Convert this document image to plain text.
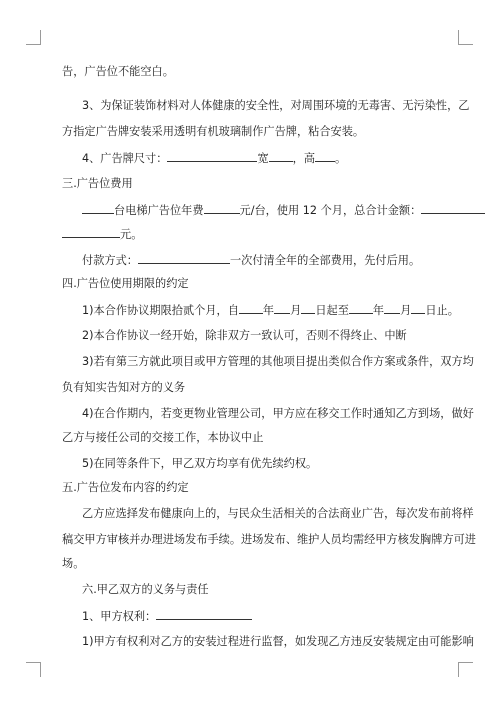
告，广告位不能空白。
3、为保证装饰材料对人体健康的安全性，对周围环境的无毒害、无污染性，乙
方指定广告牌安装采用透明有机玻璃制作广告牌，粘合安装。
4、广告牌尺寸：	宽 ，高 。
三.广告位费用
台电梯广告位年费	元/台，使用 12 个月，总合计金额：
元。
付款方式：	一次付清全年的全部费用，先付后用。
四.广告位使用期限的约定
1)本合作协议期限拾贰个月，自 年 月 日起至 年 月 日止。
2)本合作协议一经开始，除非双方一致认可，否则不得终止、中断
3)若有第三方就此项目或甲方管理的其他项目提出类似合作方案或条件，双方均
负有知实告知对方的义务
4)在合作期内，若变更物业管理公司，甲方应在移交工作时通知乙方到场，做好
乙方与接任公司的交接工作，本协议中止
5)在同等条件下，甲乙双方均享有优先续约权。
五.广告位发布内容的约定
乙方应选择发布健康向上的，与民众生活相关的合法商业广告，每次发布前将样
稿交甲方审核并办理进场发布手续。进场发布、维护人员均需经甲方核发胸牌方可进
场。
六.甲乙双方的义务与责任
1、甲方权利：
1)甲方有权利对乙方的安装过程进行监督，如发现乙方违反安装规定由可能影响
